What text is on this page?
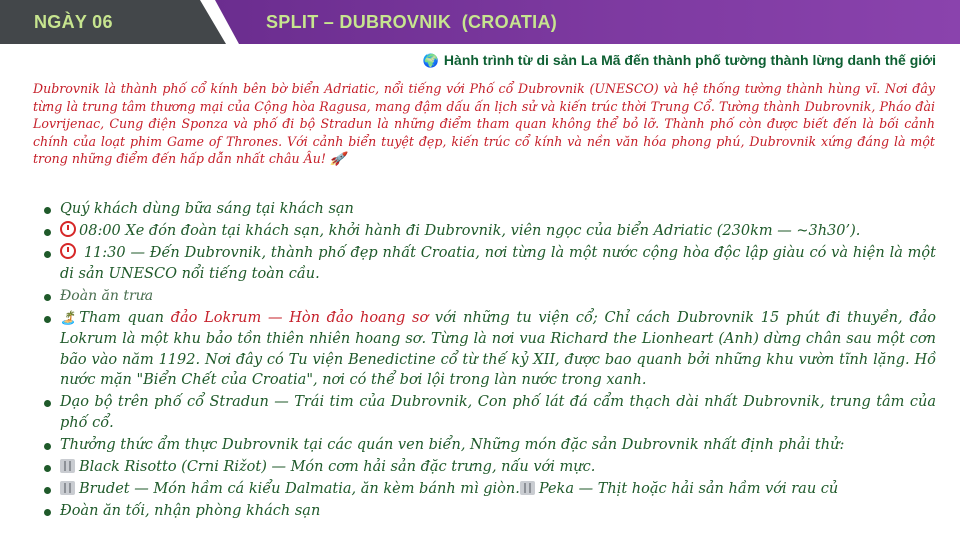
NGÀY 06	SPLIT – DUBROVNIK  (CROATIA)
🌍 Hành trình từ di sản La Mã đến thành phố tường thành lừng danh thế giới
Dubrovnik là thành phố cổ kính bên bờ biển Adriatic, nổi tiếng với Phố cổ Dubrovnik (UNESCO) và hệ thống tường thành hùng vĩ. Nơi đây từng là trung tâm thương mại của Cộng hòa Ragusa, mang đậm dấu ấn lịch sử và kiến trúc thời Trung Cổ. Tường thành Dubrovnik, Pháo đài Lovrijenac, Cung điện Sponza và phố đi bộ Stradun là những điểm tham quan không thể bỏ lỡ. Thành phố còn được biết đến là bối cảnh chính của loạt phim Game of Thrones. Với cảnh biển tuyệt đẹp, kiến trúc cổ kính và nền văn hóa phong phú, Dubrovnik xứng đáng là một trong những điểm đến hấp dẫn nhất châu Âu! 🚀
Quý khách dùng bữa sáng tại khách sạn
08:00 Xe đón đoàn tại khách sạn, khởi hành đi Dubrovnik, viên ngọc của biển Adriatic (230km — ~3h30’).
11:30 — Đến Dubrovnik, thành phố đẹp nhất Croatia, nơi từng là một nước cộng hòa độc lập giàu có và hiện là một di sản UNESCO nổi tiếng toàn cầu.
Đoàn ăn trưa
🏝️Tham quan đảo Lokrum — Hòn đảo hoang sơ với những tu viện cổ; Chỉ cách Dubrovnik 15 phút đi thuyền, đảo Lokrum là một khu bảo tồn thiên nhiên hoang sơ. Từng là nơi vua Richard the Lionheart (Anh) dừng chân sau một cơn bão vào năm 1192. Nơi đây có Tu viện Benedictine cổ từ thế kỷ XII, được bao quanh bởi những khu vườn tĩnh lặng. Hồ nước mặn "Biển Chết của Croatia", nơi có thể bơi lội trong làn nước trong xanh.
Dạo bộ trên phố cổ Stradun — Trái tim của Dubrovnik, Con phố lát đá cẩm thạch dài nhất Dubrovnik, trung tâm của phố cổ.
Thưởng thức ẩm thực Dubrovnik tại các quán ven biển, Những món đặc sản Dubrovnik nhất định phải thử:
Black Risotto (Crni Rižot) — Món cơm hải sản đặc trưng, nấu với mực.
Brudet — Món hầm cá kiểu Dalmatia, ăn kèm bánh mì giòn. Peka — Thịt hoặc hải sản hầm với rau củ
Đoàn ăn tối, nhận phòng khách sạn
